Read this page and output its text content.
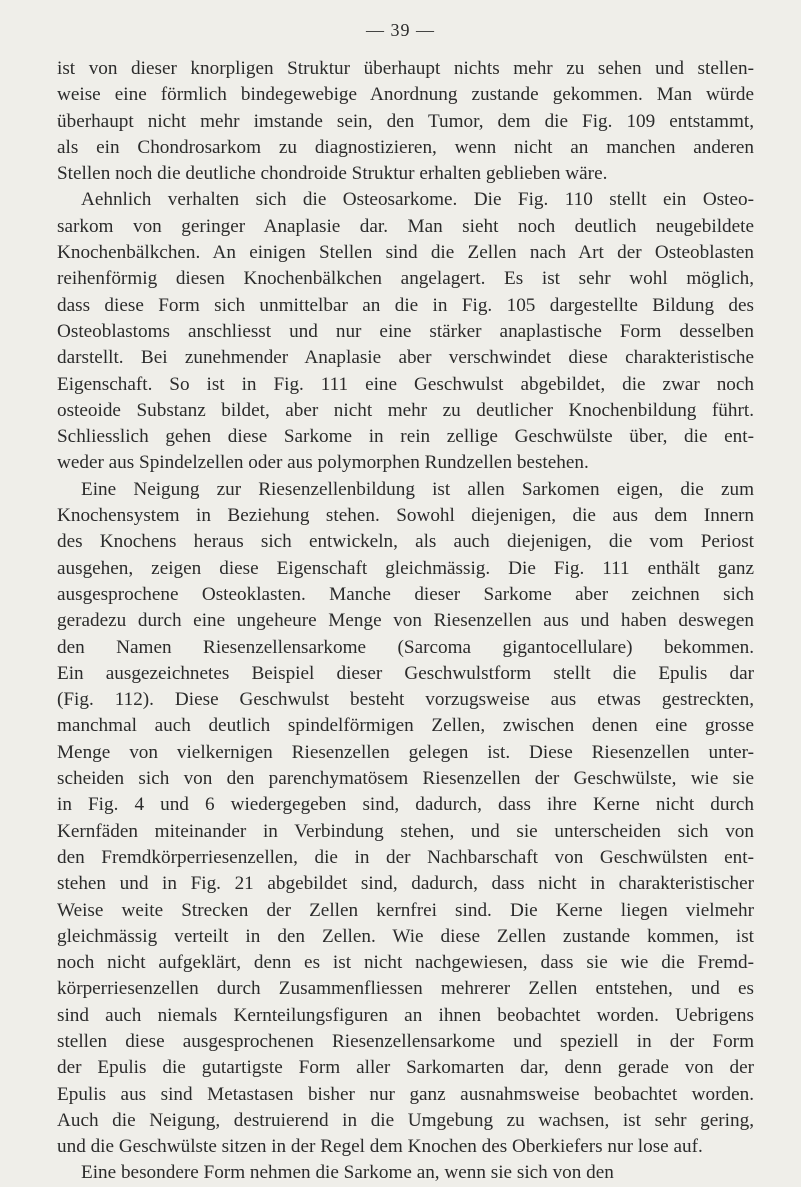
— 39 —
ist von dieser knorpligen Struktur überhaupt nichts mehr zu sehen und stellen-
weise eine förmlich bindegewebige Anordnung zustande gekommen. Man würde
überhaupt nicht mehr imstande sein, den Tumor, dem die Fig. 109 entstammt,
als ein Chondrosarkom zu diagnostizieren, wenn nicht an manchen anderen
Stellen noch die deutliche chondroide Struktur erhalten geblieben wäre.
Aehnlich verhalten sich die Osteosarkome. Die Fig. 110 stellt ein Osteo-
sarkom von geringer Anaplasie dar. Man sieht noch deutlich neugebildete
Knochenbälkchen. An einigen Stellen sind die Zellen nach Art der Osteoblasten
reihenförmig diesen Knochenbälkchen angelagert. Es ist sehr wohl möglich,
dass diese Form sich unmittelbar an die in Fig. 105 dargestellte Bildung des
Osteoblastoms anschliesst und nur eine stärker anaplastische Form desselben
darstellt. Bei zunehmender Anaplasie aber verschwindet diese charakteristische
Eigenschaft. So ist in Fig. 111 eine Geschwulst abgebildet, die zwar noch
osteoide Substanz bildet, aber nicht mehr zu deutlicher Knochenbildung führt.
Schliesslich gehen diese Sarkome in rein zellige Geschwülste über, die ent-
weder aus Spindelzellen oder aus polymorphen Rundzellen bestehen.
Eine Neigung zur Riesenzellenbildung ist allen Sarkomen eigen, die zum
Knochensystem in Beziehung stehen. Sowohl diejenigen, die aus dem Innern
des Knochens heraus sich entwickeln, als auch diejenigen, die vom Periost
ausgehen, zeigen diese Eigenschaft gleichmässig. Die Fig. 111 enthält ganz
ausgesprochene Osteoklasten. Manche dieser Sarkome aber zeichnen sich
geradezu durch eine ungeheure Menge von Riesenzellen aus und haben deswegen
den Namen Riesenzellensarkome (Sarcoma gigantocellulare) bekommen.
Ein ausgezeichnetes Beispiel dieser Geschwulstform stellt die Epulis dar
(Fig. 112). Diese Geschwulst besteht vorzugsweise aus etwas gestreckten,
manchmal auch deutlich spindelförmigen Zellen, zwischen denen eine grosse
Menge von vielkernigen Riesenzellen gelegen ist. Diese Riesenzellen unter-
scheiden sich von den parenchymatösem Riesenzellen der Geschwülste, wie sie
in Fig. 4 und 6 wiedergegeben sind, dadurch, dass ihre Kerne nicht durch
Kernfäden miteinander in Verbindung stehen, und sie unterscheiden sich von
den Fremdkörperriesenzellen, die in der Nachbarschaft von Geschwülsten ent-
stehen und in Fig. 21 abgebildet sind, dadurch, dass nicht in charakteristischer
Weise weite Strecken der Zellen kernfrei sind. Die Kerne liegen vielmehr
gleichmässig verteilt in den Zellen. Wie diese Zellen zustande kommen, ist
noch nicht aufgeklärt, denn es ist nicht nachgewiesen, dass sie wie die Fremd-
körperriesenzellen durch Zusammenfliessen mehrerer Zellen entstehen, und es
sind auch niemals Kernteilungsfiguren an ihnen beobachtet worden. Uebrigens
stellen diese ausgesprochenen Riesenzellensarkome und speziell in der Form
der Epulis die gutartigste Form aller Sarkomarten dar, denn gerade von der
Epulis aus sind Metastasen bisher nur ganz ausnahmsweise beobachtet worden.
Auch die Neigung, destruierend in die Umgebung zu wachsen, ist sehr gering,
und die Geschwülste sitzen in der Regel dem Knochen des Oberkiefers nur lose auf.
Eine besondere Form nehmen die Sarkome an, wenn sie sich von den
